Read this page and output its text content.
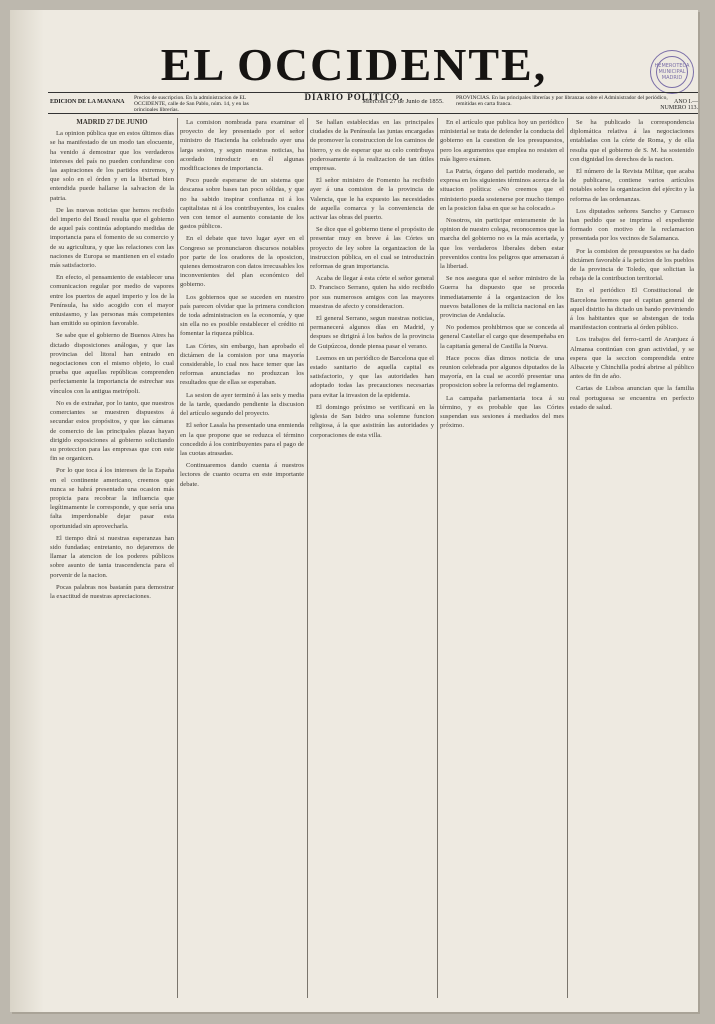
EL OCCIDENTE,
DIARIO POLITICO.
HEMEROTECA MUNICIPAL MADRID
EDICION DE LA MAÑANA
Precios de suscripcion. En la administracion de EL OCCIDENTE, calle de San Pablo, núm. 14, y en las principales librerías.
Miércoles 27 de Junio de 1855.	PROVINCIAS. En las principales librerías y por libranzas sobre el Administrador del periódico, remitidas en carta franca.	AÑO I.—NUMERO 113.
MADRID 27 DE JUNIO

La opinion pública que en estos últimos días se ha manifestado de un modo tan elocuente, ha venido á demostrar que los verdaderos intereses del país no pueden confundirse con las aspiraciones de los partidos extremos, y que solo en el órden y en la libertad bien entendida puede hallarse la salvacion de la patria.

De las nuevas noticias que hemos recibido del imperio del Brasil resulta que el gobierno de aquel país continúa adoptando medidas de importancia para el fomento de su comercio y de su agricultura, y que las relaciones con las naciones de Europa se mantienen en el estado más satisfactorio.

En efecto, el pensamiento de establecer una comunicacion regular por medio de vapores entre los puertos de aquel imperio y los de la Península, ha sido acogido con el mayor entusiasmo, y las personas más competentes han emitido su opinion favorable.

Se sabe que el gobierno de Buenos Aires ha dictado disposiciones análogas, y que las provincias del litoral han entrado en negociaciones con el mismo objeto, lo cual prueba que aquellas repúblicas comprenden perfectamente la importancia de estrechar sus vínculos con la antigua metrópoli.

No es de extrañar, por lo tanto, que nuestros comerciantes se muestren dispuestos á secundar estos propósitos, y que las cámaras de comercio de las principales plazas hayan dirigido exposiciones al gobierno solicitando su proteccion para las empresas que con este fin se organicen.

Por lo que toca á los intereses de la España en el continente americano, creemos que nunca se habrá presentado una ocasion más propicia para recobrar la influencia que legítimamente le corresponde, y que sería una falta imperdonable dejar pasar esta oportunidad sin aprovecharla.

El tiempo dirá si nuestras esperanzas han sido fundadas; entretanto, no dejaremos de llamar la atencion de los poderes públicos sobre asunto de tanta trascendencia para el porvenir de la nacion.

Pocas palabras nos bastarán para demostrar la exactitud de nuestras apreciaciones.

La comision nombrada para examinar el proyecto de ley presentado por el señor ministro de Hacienda ha celebrado ayer una larga sesion, y segun nuestras noticias, ha acordado introducir en él algunas modificaciones de importancia.

Poco puede esperarse de un sistema que descansa sobre bases tan poco sólidas, y que no ha sabido inspirar confianza ni á los capitalistas ni á los contribuyentes, los cuales ven con temor el aumento constante de los gastos públicos.

En el debate que tuvo lugar ayer en el Congreso se pronunciaron discursos notables por parte de los oradores de la oposicion, quienes demostraron con datos irrecusables los inconvenientes del plan económico del gobierno.

Los gobiernos que se suceden en nuestro país parecen olvidar que la primera condicion de toda administracion es la economía, y que sin ella no es posible restablecer el crédito ni fomentar la riqueza pública.

Las Córtes, sin embargo, han aprobado el dictámen de la comision por una mayoría considerable, lo cual nos hace temer que las reformas anunciadas no produzcan los resultados que de ellas se esperaban.

La sesion de ayer terminó á las seis y media de la tarde, quedando pendiente la discusion del artículo segundo del proyecto.

El señor Lasala ha presentado una enmienda en la que propone que se reduzca el término concedido á los contribuyentes para el pago de las cuotas atrasadas.

Continuaremos dando cuenta á nuestros lectores de cuanto ocurra en este importante debate.

Se hallan establecidas en las principales ciudades de la Península las juntas encargadas de promover la construccion de los caminos de hierro, y es de esperar que su celo contribuya poderosamente á la realizacion de tan útiles empresas.

El señor ministro de Fomento ha recibido ayer á una comision de la provincia de Valencia, que le ha expuesto las necesidades de aquella comarca y la conveniencia de activar las obras del puerto.

Se dice que el gobierno tiene el propósito de presentar muy en breve á las Córtes un proyecto de ley sobre la organizacion de la instruccion pública, en el cual se introducirán reformas de gran importancia.

Acaba de llegar á esta córte el señor general D. Francisco Serrano, quien ha sido recibido por sus numerosos amigos con las mayores muestras de afecto y consideracion.

El general Serrano, segun nuestras noticias, permanecerá algunos días en Madrid, y despues se dirigirá á los baños de la provincia de Guipúzcoa, donde piensa pasar el verano.

Leemos en un periódico de Barcelona que el estado sanitario de aquella capital es satisfactorio, y que las autoridades han adoptado todas las precauciones necesarias para evitar la invasion de la epidemia.

El domingo próximo se verificará en la iglesia de San Isidro una solemne funcion religiosa, á la que asistirán las autoridades y corporaciones de esta villa.

En el artículo que publica hoy un periódico ministerial se trata de defender la conducta del gobierno en la cuestion de los presupuestos, pero los argumentos que emplea no resisten el más ligero exámen.

La Patria, órgano del partido moderado, se expresa en los siguientes términos acerca de la situacion política: «No creemos que el ministerio pueda sostenerse por mucho tiempo en la posicion falsa en que se ha colocado.»

Nosotros, sin participar enteramente de la opinion de nuestro colega, reconocemos que la marcha del gobierno no es la más acertada, y que los verdaderos liberales deben estar prevenidos contra los peligros que amenazan á la libertad.

Se nos asegura que el señor ministro de la Guerra ha dispuesto que se proceda inmediatamente á la organizacion de los nuevos batallones de la milicia nacional en las provincias de Andalucía.

No podemos prohibirnos que se conceda al general Castellar el cargo que desempeñaba en la capitanía general de Castilla la Nueva.

Hace pocos días dimos noticia de una reunion celebrada por algunos diputados de la mayoría, en la cual se acordó presentar una proposicion sobre la reforma del reglamento.

La campaña parlamentaria toca á su término, y es probable que las Córtes suspendan sus sesiones á mediados del mes próximo.

Se ha publicado la correspondencia diplomática relativa á las negociaciones entabladas con la córte de Roma, y de ella resulta que el gobierno de S. M. ha sostenido con dignidad los derechos de la nacion.

El número de la Revista Militar, que acaba de publicarse, contiene varios artículos notables sobre la organizacion del ejército y la reforma de las ordenanzas.

Los diputados señores Sancho y Carrasco han pedido que se imprima el expediente formado con motivo de la reclamacion presentada por los vecinos de Salamanca.

Por la comision de presupuestos se ha dado dictámen favorable á la peticion de los pueblos de la provincia de Toledo, que solicitan la rebaja de la contribucion territorial.

En el periódico El Constitucional de Barcelona leemos que el capitan general de aquel distrito ha dictado un bando previniendo á los habitantes que se abstengan de toda manifestacion contraria al órden público.

Los trabajos del ferro-carril de Aranjuez á Almansa continúan con gran actividad, y se espera que la seccion comprendida entre Albacete y Chinchilla podrá abrirse al público antes de fin de año.

Cartas de Lisboa anuncian que la familia real portuguesa se encuentra en perfecto estado de salud.
